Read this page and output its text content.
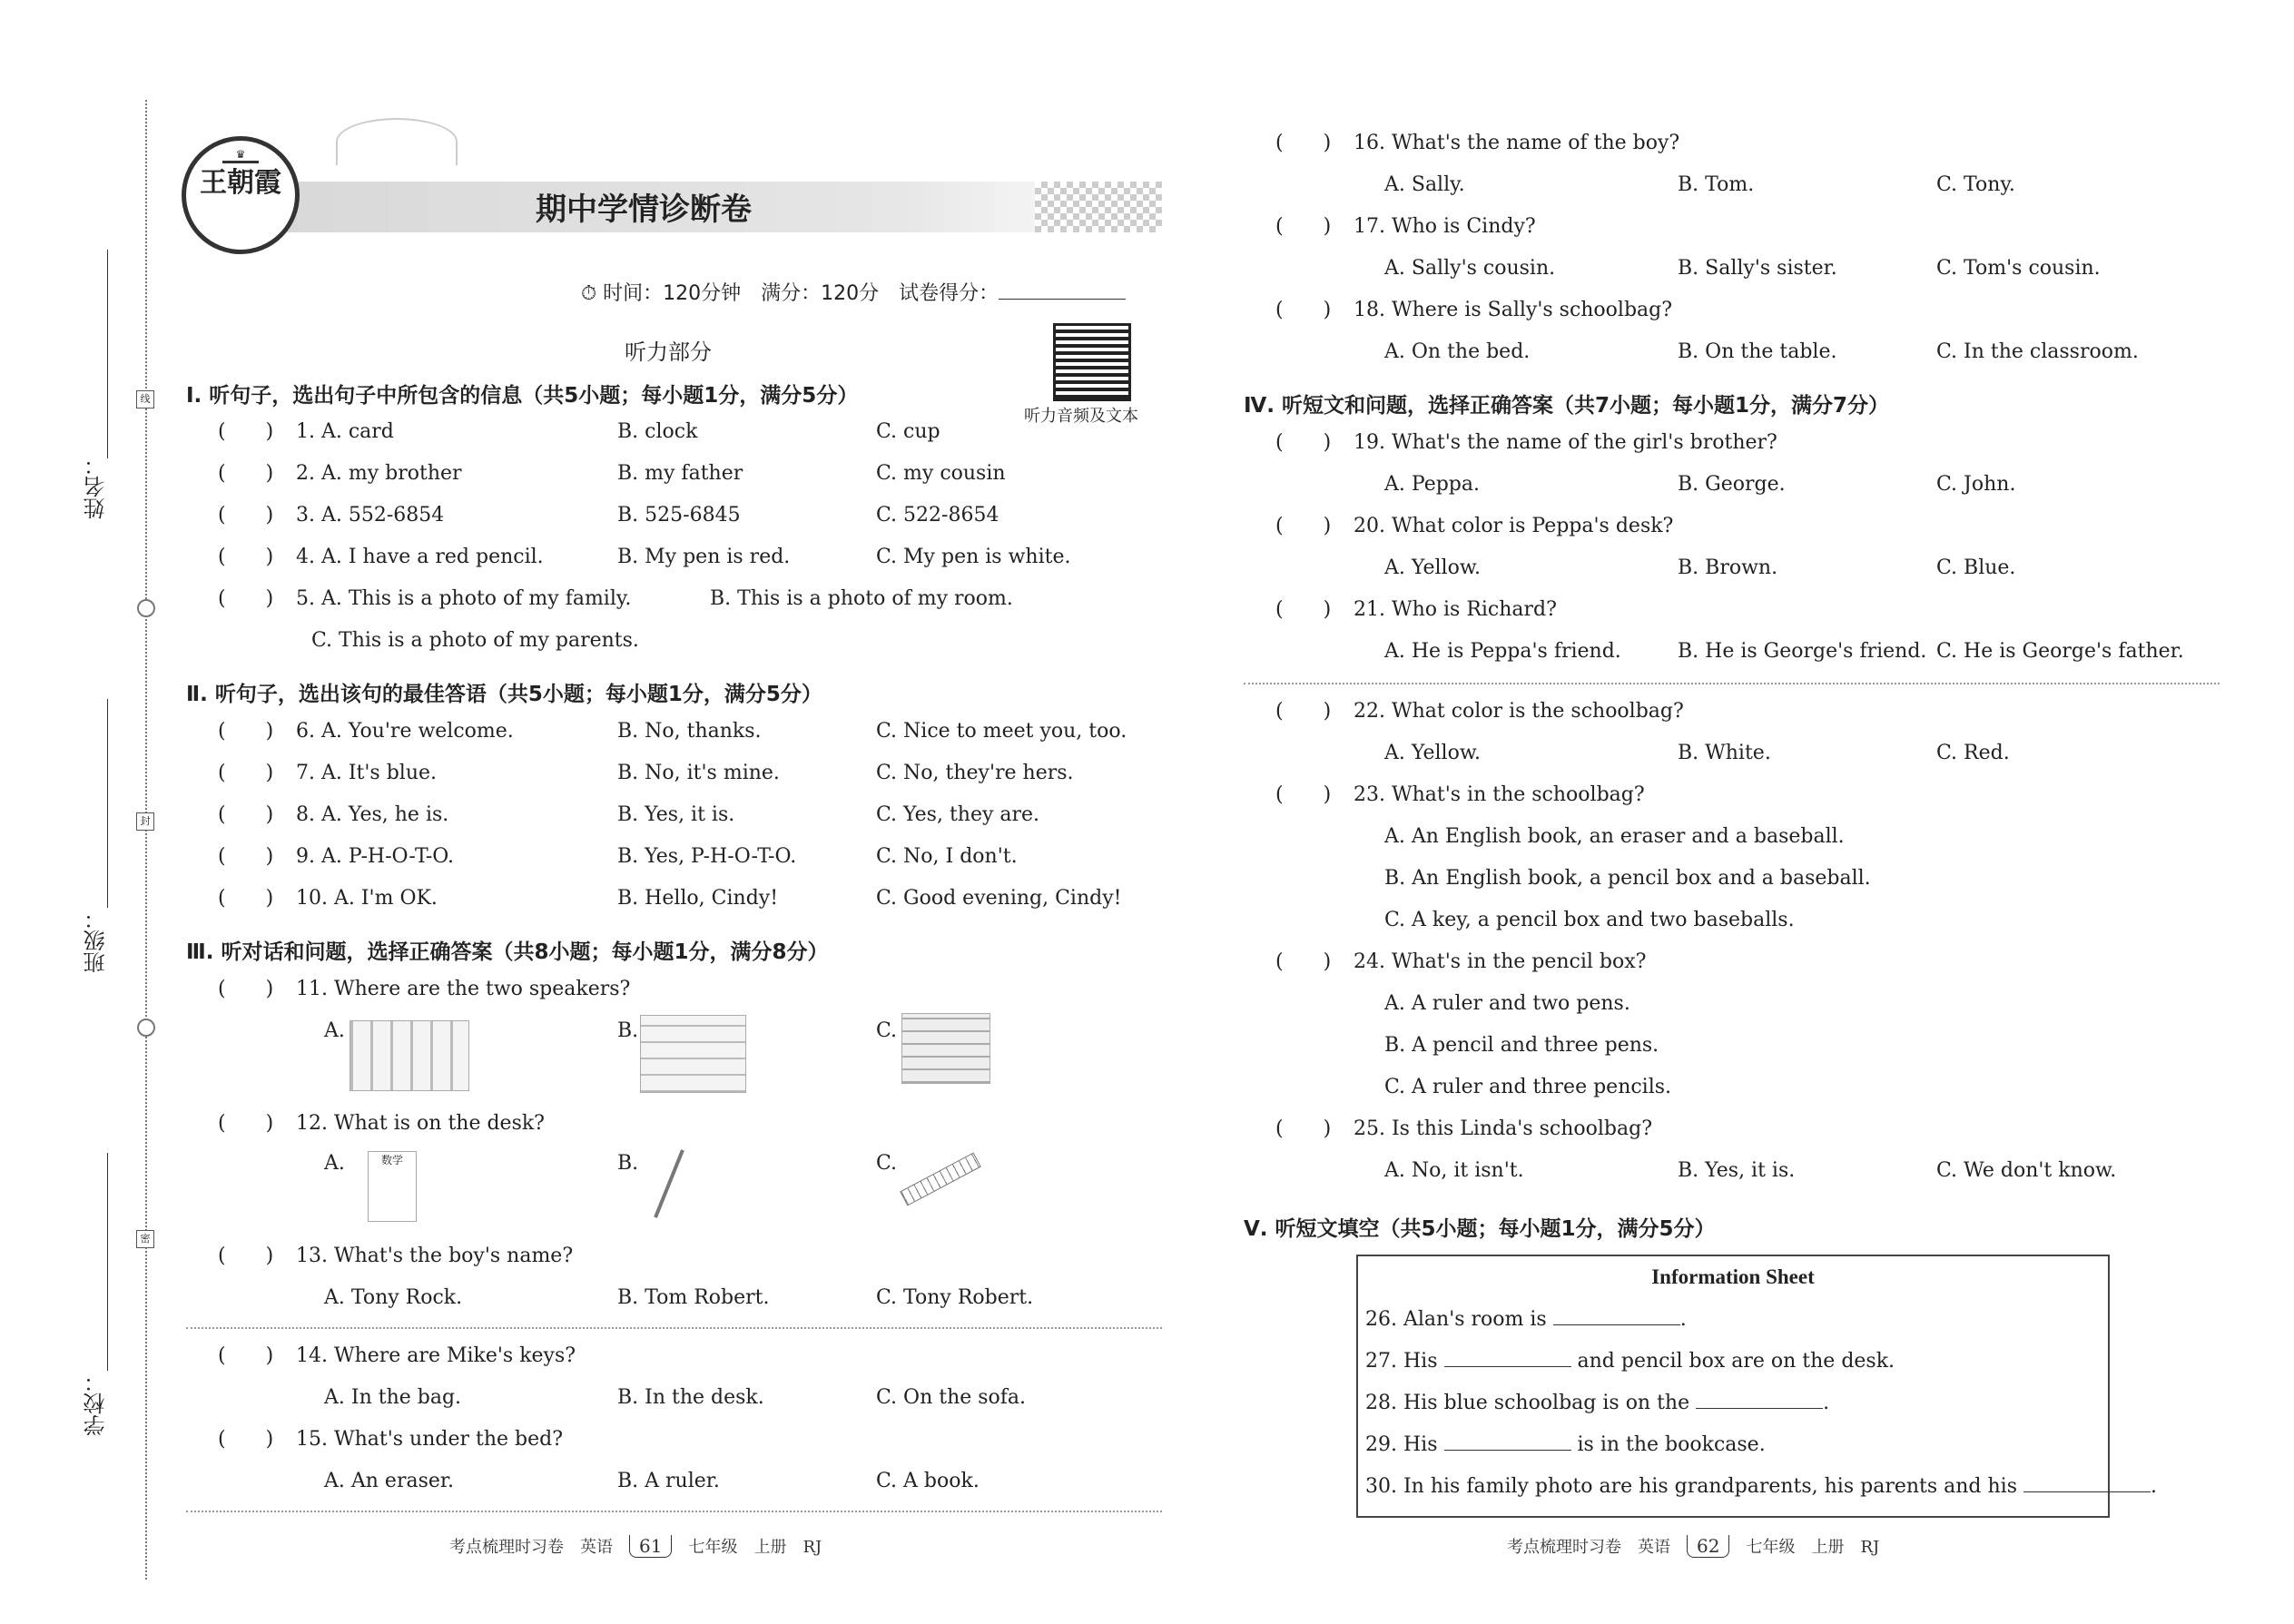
姓名：
班级：
学校：
线
封
密
♛
王朝霞
期中学情诊断卷
⏱ 时间：120分钟　满分：120分　试卷得分：
听力部分
听力音频及文本
Ⅰ. 听句子，选出句子中所包含的信息（共5小题；每小题1分，满分5分）
(　　) 1. A. card	B. clock	C. cup
(　　) 2. A. my brother	B. my father	C. my cousin
(　　) 3. A. 552-6854	B. 525-6845	C. 522-8654
(　　) 4. A. I have a red pencil.	B. My pen is red.	C. My pen is white.
(　　) 5. A. This is a photo of my family.	B. This is a photo of my room.
C. This is a photo of my parents.
Ⅱ. 听句子，选出该句的最佳答语（共5小题；每小题1分，满分5分）
(　　) 6. A. You're welcome.	B. No, thanks.	C. Nice to meet you, too.
(　　) 7. A. It's blue.	B. No, it's mine.	C. No, they're hers.
(　　) 8. A. Yes, he is.	B. Yes, it is.	C. Yes, they are.
(　　) 9. A. P-H-O-T-O.	B. Yes, P-H-O-T-O.	C. No, I don't.
(　　) 10. A. I'm OK.	B. Hello, Cindy!	C. Good evening, Cindy!
Ⅲ. 听对话和问题，选择正确答案（共8小题；每小题1分，满分8分）
(　　) 11. Where are the two speakers?
A.	B.	C.
(　　) 12. What is on the desk?
A.	B.	C.
数学
(　　) 13. What's the boy's name?
A. Tony Rock.	B. Tom Robert.	C. Tony Robert.
(　　) 14. Where are Mike's keys?
A. In the bag.	B. In the desk.	C. On the sofa.
(　　) 15. What's under the bed?
A. An eraser.	B. A ruler.	C. A book.
考点梳理时习卷　英语 61 七年级　上册　RJ
(　　) 16. What's the name of the boy?
A. Sally.	B. Tom.	C. Tony.
(　　) 17. Who is Cindy?
A. Sally's cousin.	B. Sally's sister.	C. Tom's cousin.
(　　) 18. Where is Sally's schoolbag?
A. On the bed.	B. On the table.	C. In the classroom.
Ⅳ. 听短文和问题，选择正确答案（共7小题；每小题1分，满分7分）
(　　) 19. What's the name of the girl's brother?
A. Peppa.	B. George.	C. John.
(　　) 20. What color is Peppa's desk?
A. Yellow.	B. Brown.	C. Blue.
(　　) 21. Who is Richard?
A. He is Peppa's friend.	B. He is George's friend. C. He is George's father.
(　　) 22. What color is the schoolbag?
A. Yellow.	B. White.	C. Red.
(　　) 23. What's in the schoolbag?
A. An English book, an eraser and a baseball.
B. An English book, a pencil box and a baseball.
C. A key, a pencil box and two baseballs.
(　　) 24. What's in the pencil box?
A. A ruler and two pens.
B. A pencil and three pens.
C. A ruler and three pencils.
(　　) 25. Is this Linda's schoolbag?
A. No, it isn't.	B. Yes, it is.	C. We don't know.
Ⅴ. 听短文填空（共5小题；每小题1分，满分5分）
Information Sheet
26. Alan's room is	.
27. His	and pencil box are on the desk.
28. His blue schoolbag is on the	.
29. His	is in the bookcase.
30. In his family photo are his grandparents, his parents and his	.
考点梳理时习卷　英语 62 七年级　上册　RJ
